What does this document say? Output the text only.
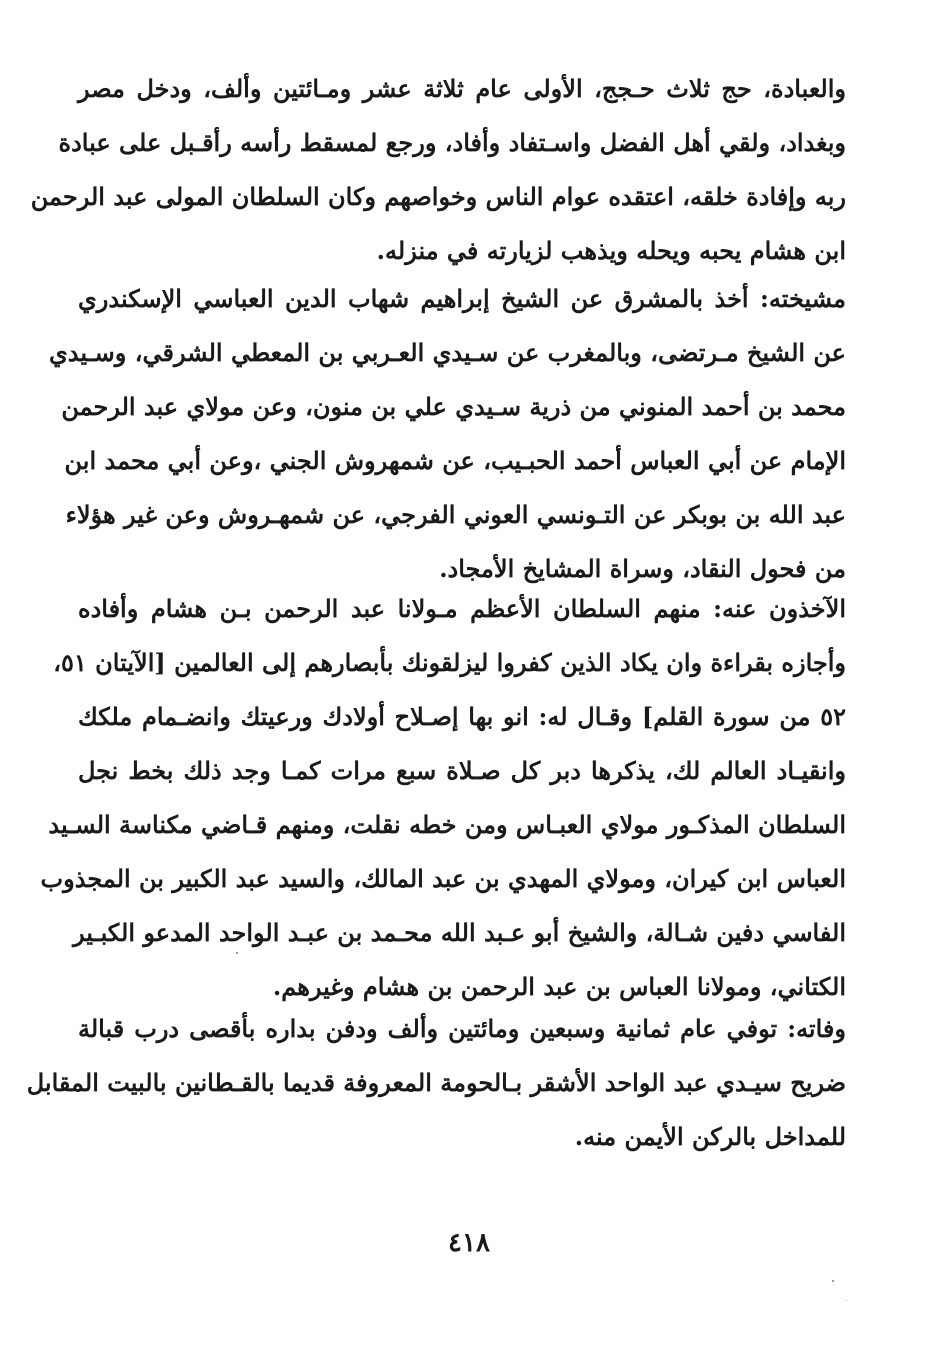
والعبادة، حج ثلاث حـجج، الأولى عام ثلاثة عشر ومـائتين وألف، ودخل مصر
وبغداد، ولقي أهل الفضل واسـتفاد وأفاد، ورجع لمسقط رأسه رأقـبل على عبادة
ربه وإفادة خلقه، اعتقده عوام الناس وخواصهم وكان السلطان المولى عبد الرحمن
ابن هشام يحبه ويحله ويذهب لزيارته في منزله.
مشيخته: أخذ بالمشرق عن الشيخ إبراهيم شهاب الدين العباسي الإسكندري
عن الشيخ مـرتضى، وبالمغرب عن سـيدي العـربي بن المعطي الشرقي، وسـيدي
محمد بن أحمد المنوني من ذرية سـيدي علي بن منون، وعن مولاي عبد الرحمن
الإمام عن أبي العباس أحمد الحبـيب، عن شمهروش الجني ،وعن أبي محمد ابن
عبد الله بن بوبكر عن التـونسي العوني الفرجي، عن شمهـروش وعن غير هؤلاء
من فحول النقاد، وسراة المشايخ الأمجاد.
الآخذون عنه: منهم السلطان الأعظم مـولانا عبد الرحمن بـن هشام وأفاده
وأجازه بقراءة وان يكاد الذين كفروا ليزلقونك بأبصارهم إلى العالمين [الآيتان ٥١،
٥٢ من سورة القلم] وقـال له: انو بها إصـلاح أولادك ورعيتك وانضـمام ملكك
وانقيـاد العالم لك، يذكرها دبر كل صـلاة سبع مرات كمـا وجد ذلك بخط نجل
السلطان المذكـور مولاي العبـاس ومن خطه نقلت، ومنهم قـاضي مكناسة السـيد
العباس ابن كيران، ومولاي المهدي بن عبد المالك، والسيد عبد الكبير بن المجذوب
الفاسي دفين شـالة، والشيخ أبو عـبد الله محـمد بن عبـد الواحد المدعو الكبـير
الكتاني، ومولانا العباس بن عبد الرحمن بن هشام وغيرهم.
وفاته: توفي عام ثمانية وسبعين ومائتين وألف ودفن بداره بأقصى درب قبالة
ضريح سيـدي عبد الواحد الأشقر بـالحومة المعروفة قديما بالقـطانين بالبيت المقابل
للمداخل بالركن الأيمن منه.
٤١٨
